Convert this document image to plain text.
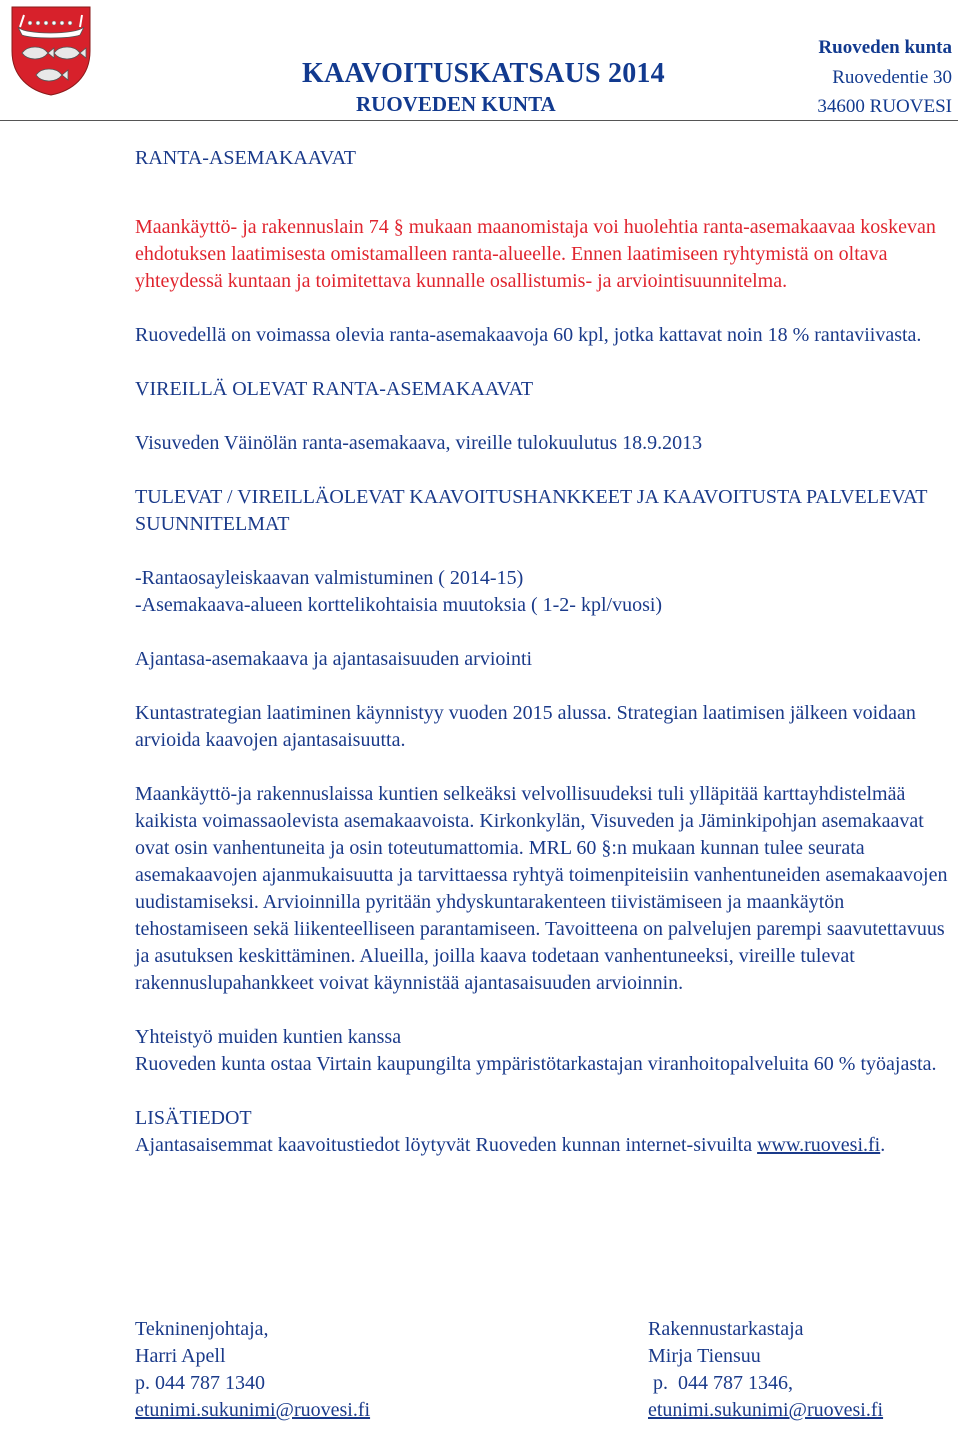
KAAVOITUSKATSAUS 2014
RUOVEDEN KUNTA
Ruoveden kunta
Ruovedentie 30
34600 RUOVESI

RANTA-ASEMAKAAVAT

Maankäyttö- ja rakennuslain 74 § mukaan maanomistaja voi huolehtia ranta-asemakaavaa koskevan ehdotuksen laatimisesta omistamalleen ranta-alueelle. Ennen laatimiseen ryhtymistä on oltava yhteydessä kuntaan ja toimitettava kunnalle osallistumis- ja arviointisuunnitelma.

Ruovedellä on voimassa olevia ranta-asemakaavoja 60 kpl, jotka kattavat noin 18 % rantaviivasta.

VIREILLÄ OLEVAT RANTA-ASEMAKAAVAT

Visuveden Väinölän ranta-asemakaava, vireille tulokuulutus 18.9.2013

TULEVAT / VIREILLÄOLEVAT KAAVOITUSHANKKEET JA KAAVOITUSTA PALVELEVAT SUUNNITELMAT

-Rantaosayleiskaavan valmistuminen ( 2014-15)

-Asemakaava-alueen korttelikohtaisia muutoksia ( 1-2- kpl/vuosi)

Ajantasa-asemakaava ja ajantasaisuuden arviointi

Kuntastrategian laatiminen käynnistyy vuoden 2015 alussa. Strategian laatimisen jälkeen voidaan arvioida kaavojen ajantasaisuutta.

Maankäyttö-ja rakennuslaissa kuntien selkeäksi velvollisuudeksi tuli ylläpitää karttayhdistelmää kaikista voimassaolevista asemakaavoista. Kirkonkylän, Visuveden ja Jäminkipohjan asemakaavat ovat osin vanhentuneita ja osin toteutumattomia. MRL 60 §:n mukaan kunnan tulee seurata asemakaavojen ajanmukaisuutta ja tarvittaessa ryhtyä toimenpiteisiin vanhentuneiden asemakaavojen uudistamiseksi. Arvioinnilla pyritään yhdyskuntarakenteen tiivistämiseen ja maankäytön tehostamiseen sekä liikenteelliseen parantamiseen. Tavoitteena on palvelujen parempi saavutettavuus ja asutuksen keskittäminen. Alueilla, joilla kaava todetaan vanhentuneeksi, vireille tulevat rakennuslupahankkeet voivat käynnistää ajantasaisuuden arvioinnin.

Yhteistyö muiden kuntien kanssa

Ruoveden kunta ostaa Virtain kaupungilta ympäristötarkastajan viranhoitopalveluita 60 % työajasta.

LISÄTIEDOT

Ajantasaisemmat kaavoitustiedot löytyvät Ruoveden kunnan internet-sivuilta www.ruovesi.fi.

Tekninenjohtaja,
Harri Apell
p. 044 787 1340
etunimi.sukunimi@ruovesi.fi
Rakennustarkastaja
Mirja Tiensuu
p.  044 787 1346,
etunimi.sukunimi@ruovesi.fi
